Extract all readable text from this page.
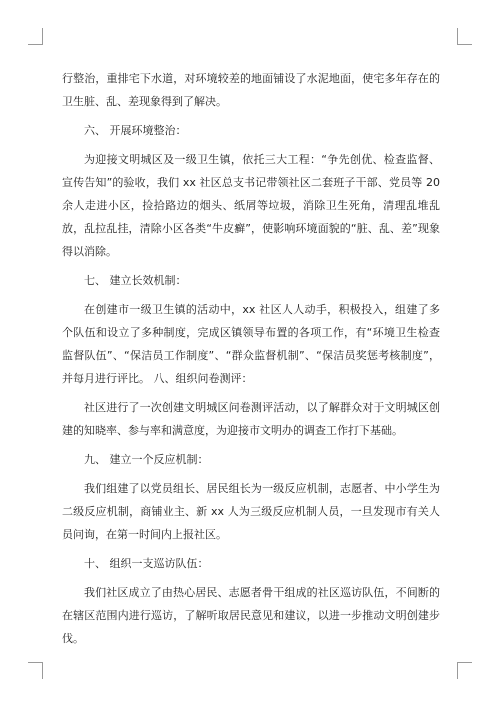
行整治，重排宅下水道，对环境较差的地面铺设了水泥地面，使宅多年存在的卫生脏、乱、差现象得到了解决。

六、 开展环境整治：

为迎接文明城区及一级卫生镇，依托三大工程：“争先创优、检查监督、宣传告知”的验收，我们 xx 社区总支书记带领社区二套班子干部、党员等 20 余人走进小区，捡拾路边的烟头、纸屑等垃圾，消除卫生死角，清理乱堆乱放，乱拉乱挂，清除小区各类“牛皮癣”，使影响环境面貌的“脏、乱、差”现象得以消除。

七、 建立长效机制：

在创建市一级卫生镇的活动中，xx 社区人人动手，积极投入，组建了多个队伍和设立了多种制度，完成区镇领导布置的各项工作，有“环境卫生检查监督队伍”、“保洁员工作制度”、“群众监督机制”、“保洁员奖惩考核制度”，并每月进行评比。 八、组织问卷测评：

社区进行了一次创建文明城区问卷测评活动，以了解群众对于文明城区创建的知晓率、参与率和满意度，为迎接市文明办的调查工作打下基础。

九、 建立一个反应机制：

我们组建了以党员组长、居民组长为一级反应机制，志愿者、中小学生为二级反应机制，商铺业主、新 xx 人为三级反应机制人员，一旦发现市有关人员问询，在第一时间内上报社区。

十、 组织一支巡访队伍：

我们社区成立了由热心居民、志愿者骨干组成的社区巡访队伍，不间断的在辖区范围内进行巡访，了解听取居民意见和建议，以进一步推动文明创建步伐。
